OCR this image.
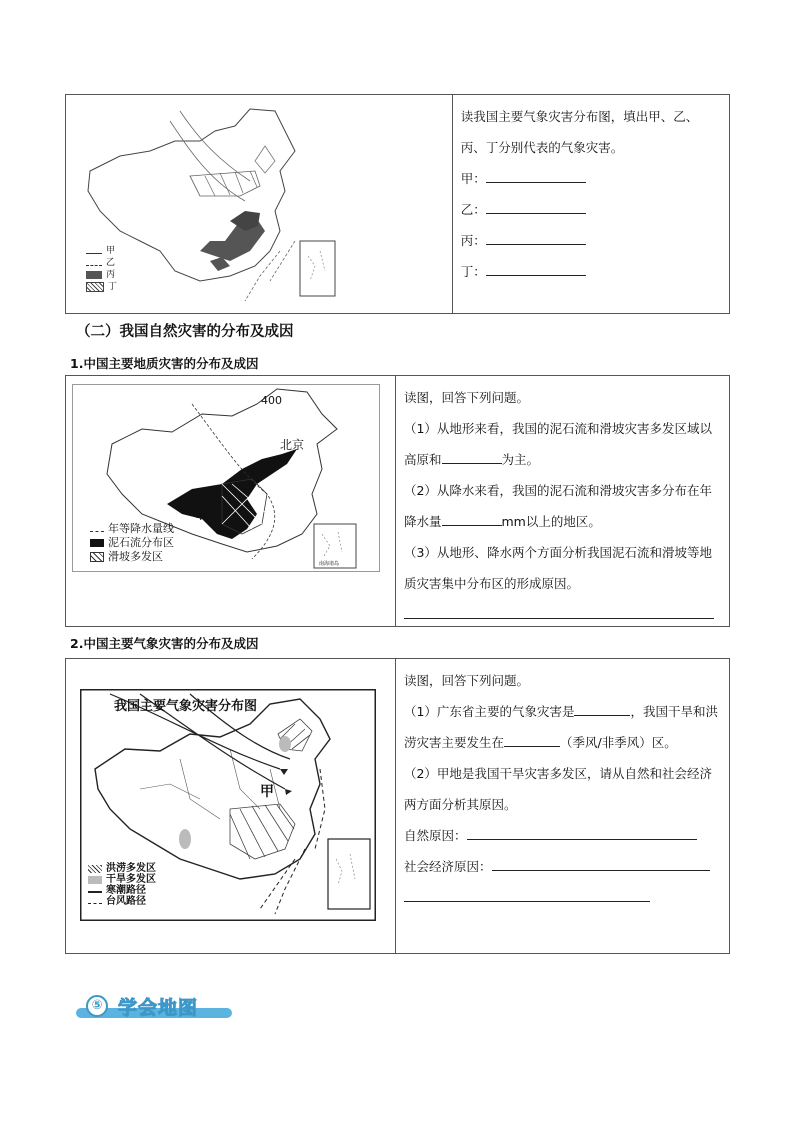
甲
乙
丙
丁

读我国主要气象灾害分布图，填出甲、乙、丙、丁分别代表的气象灾害。

甲：

乙：

丙：

丁：

（二）我国自然灾害的分布及成因
1.中国主要地质灾害的分布及成因
400
400
北京
南海诸岛
年等降水量线
泥石流分布区
滑坡多发区

读图，回答下列问题。

（1）从地形来看，我国的泥石流和滑坡灾害多发区域以高原和	为主。

（2）从降水来看，我国的泥石流和滑坡灾害多分布在年降水量	mm以上的地区。

（3）从地形、降水两个方面分析我国泥石流和滑坡等地质灾害集中分布区的形成原因。

2.中国主要气象灾害的分布及成因
我国主要气象灾害分布图
甲
洪涝多发区
干旱多发区
寒潮路径
台风路径

读图，回答下列问题。

（1）广东省主要的气象灾害是	，我国干旱和洪涝灾害主要发生在	（季风/非季风）区。

（2）甲地是我国干旱灾害多发区，请从自然和社会经济两方面分析其原因。

自然原因：

社会经济原因：

⑤ 学会地图
